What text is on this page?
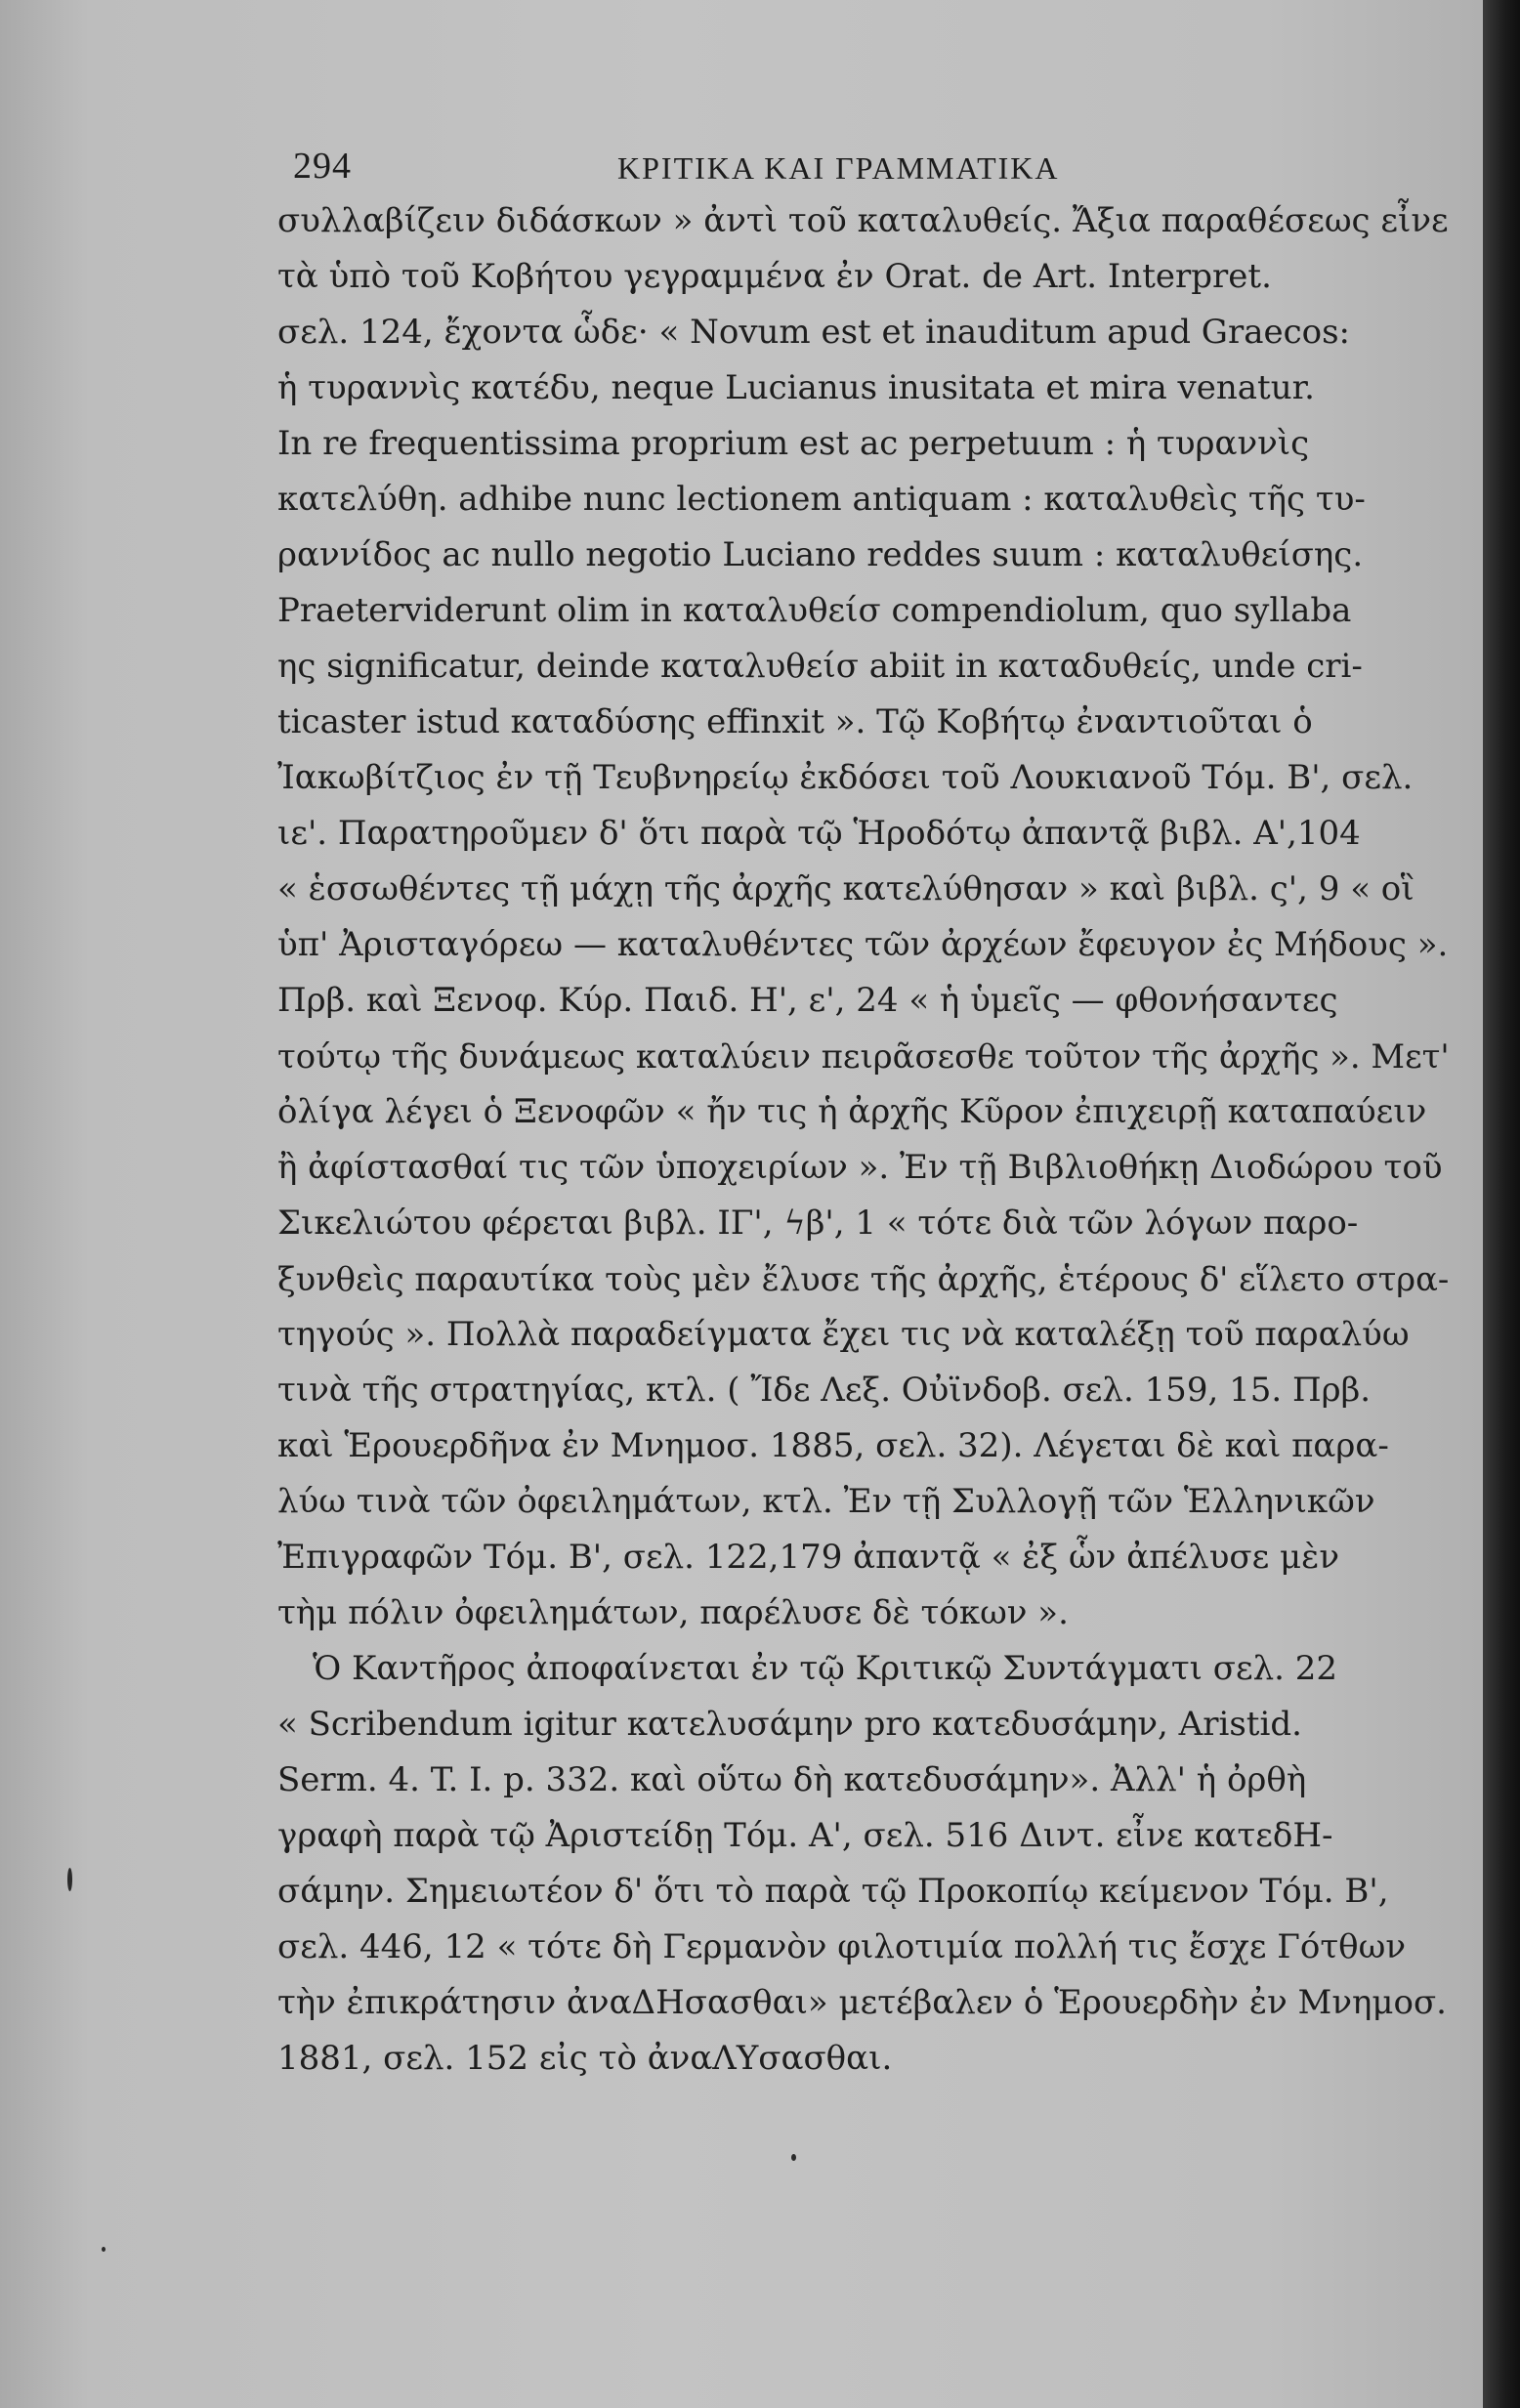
294	ΚΡΙΤΙΚΑ ΚΑΙ ΓΡΑΜΜΑΤΙΚΑ
συλλαβίζειν διδάσκων » ἀντὶ τοῦ καταλυθείς. Ἄξια παραθέσεως εἶνε
τὰ ὑπὸ τοῦ Κοβήτου γεγραμμένα ἐν Orat. de Art. Interpret.
σελ. 124, ἔχοντα ὧδε· « Novum est et inauditum apud Graecos:
ἡ τυραννὶς κατέδυ, neque Lucianus inusitata et mira venatur.
In re frequentissima proprium est ac perpetuum : ἡ τυραννὶς
κατελύθη. adhibe nunc lectionem antiquam : καταλυθεὶς τῆς τυ-
ραννίδος ac nullo negotio Luciano reddes suum : καταλυθείσης.
Praeterviderunt olim in καταλυθείσ compendiolum, quo syllaba
ης significatur, deinde καταλυθείσ abiit in καταδυθείς, unde cri-
ticaster istud καταδύσης effinxit ». Τῷ Κοβήτῳ ἐναντιοῦται ὁ
Ἰακωβίτζιος ἐν τῇ Τευβνηρείῳ ἐκδόσει τοῦ Λουκιανοῦ Τόμ. Β', σελ.
ιε'. Παρατηροῦμεν δ' ὅτι παρὰ τῷ Ἡροδότῳ ἀπαντᾷ βιβλ. Α',104
« ἑσσωθέντες τῇ μάχῃ τῆς ἀρχῆς κατελύθησαν » καὶ βιβλ. ς', 9 « οἳ
ὑπ' Ἀρισταγόρεω — καταλυθέντες τῶν ἀρχέων ἔφευγον ἐς Μήδους ».
Πρβ. καὶ Ξενοφ. Κύρ. Παιδ. Η', ε', 24 « ἡ ὑμεῖς — φθονήσαντες
τούτῳ τῆς δυνάμεως καταλύειν πειρᾶσεσθε τοῦτον τῆς ἀρχῆς ». Μετ'
ὀλίγα λέγει ὁ Ξενοφῶν « ἤν τις ἡ ἀρχῆς Κῦρον ἐπιχειρῇ καταπαύειν
ἢ ἀφίστασθαί τις τῶν ὑποχειρίων ». Ἐν τῇ Βιβλιοθήκῃ Διοδώρου τοῦ
Σικελιώτου φέρεται βιβλ. ΙΓ', ϟβ', 1 « τότε διὰ τῶν λόγων παρο-
ξυνθεὶς παραυτίκα τοὺς μὲν ἔλυσε τῆς ἀρχῆς, ἑτέρους δ' εἵλετο στρα-
τηγούς ». Πολλὰ παραδείγματα ἔχει τις νὰ καταλέξῃ τοῦ παραλύω
τινὰ τῆς στρατηγίας, κτλ. ( Ἴδε Λεξ. Οὐϊνδοβ. σελ. 159, 15. Πρβ.
καὶ Ἑρουερδῆνα ἐν Μνημοσ. 1885, σελ. 32). Λέγεται δὲ καὶ παρα-
λύω τινὰ τῶν ὀφειλημάτων, κτλ. Ἐν τῇ Συλλογῇ τῶν Ἑλληνικῶν
Ἐπιγραφῶν Τόμ. Β', σελ. 122,179 ἀπαντᾷ « ἐξ ὧν ἀπέλυσε μὲν
τὴμ πόλιν ὀφειλημάτων, παρέλυσε δὲ τόκων ».
Ὁ Καντῆρος ἀποφαίνεται ἐν τῷ Κριτικῷ Συντάγματι σελ. 22
« Scribendum igitur κατελυσάμην pro κατεδυσάμην, Aristid.
Serm. 4. T. I. p. 332. καὶ οὕτω δὴ κατεδυσάμην». Ἀλλ' ἡ ὀρθὴ
γραφὴ παρὰ τῷ Ἀριστείδῃ Τόμ. Α', σελ. 516 Διντ. εἶνε κατεδΗ-
σάμην. Σημειωτέον δ' ὅτι τὸ παρὰ τῷ Προκοπίῳ κείμενον Τόμ. Β',
σελ. 446, 12 « τότε δὴ Γερμανὸν φιλοτιμία πολλή τις ἔσχε Γότθων
τὴν ἐπικράτησιν ἀναΔΗσασθαι» μετέβαλεν ὁ Ἑρουερδὴν ἐν Μνημοσ.
1881, σελ. 152 εἰς τὸ ἀναΛΥσασθαι.
